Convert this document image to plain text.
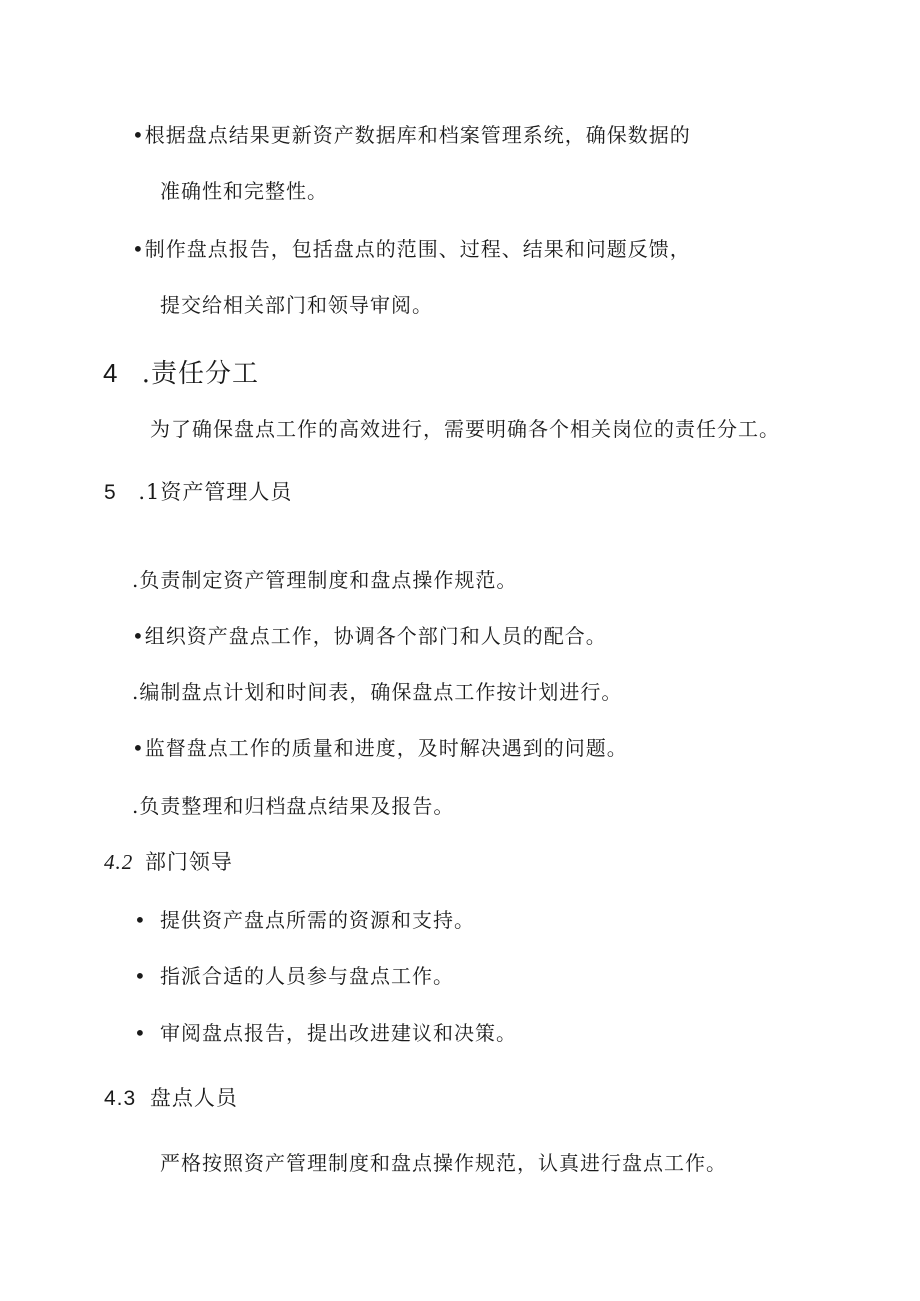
•根据盘点结果更新资产数据库和档案管理系统，确保数据的
准确性和完整性。
•制作盘点报告，包括盘点的范围、过程、结果和问题反馈，
提交给相关部门和领导审阅。
4 .责任分工
为了确保盘点工作的高效进行，需要明确各个相关岗位的责任分工。
5 .1资产管理人员
.负责制定资产管理制度和盘点操作规范。
•组织资产盘点工作，协调各个部门和人员的配合。
.编制盘点计划和时间表，确保盘点工作按计划进行。
•监督盘点工作的质量和进度，及时解决遇到的问题。
.负责整理和归档盘点结果及报告。
4.2 部门领导
• 提供资产盘点所需的资源和支持。
• 指派合适的人员参与盘点工作。
• 审阅盘点报告，提出改进建议和决策。
4.3 盘点人员
严格按照资产管理制度和盘点操作规范，认真进行盘点工作。
